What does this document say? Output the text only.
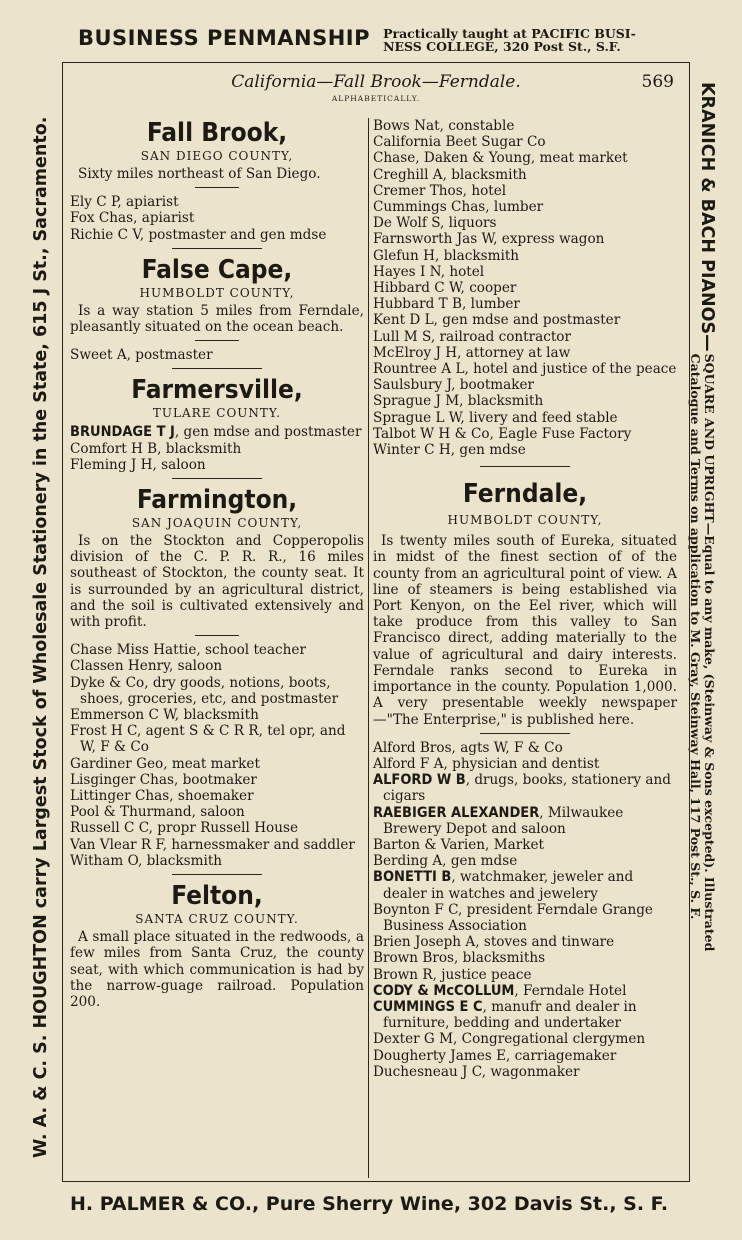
BUSINESS PENMANSHIP Practically taught at PACIFIC BUSI-
NESS COLLEGE, 320 Post St., S.F.
W. A. & C. S. HOUGHTON carry Largest Stock of Wholesale Stationery in the State, 615 J St., Sacramento.	KRANICH & BACH PIANOS—SQUARE AND UPRIGHT—Equal to any make, (Steinway & Sons excepted). Illustrated
Catalogue and Terms on application to M. Gray, Steinway Hall, 117 Post St., S. F.
H. PALMER & CO., Pure Sherry Wine, 302 Davis St., S. F.
California—Fall Brook—Ferndale.
ALPHABETICALLY.
569
Fall Brook,
SAN DIEGO COUNTY,
Sixty miles northeast of San Diego.
Ely C P, apiarist
Fox Chas, apiarist
Richie C V, postmaster and gen mdse
False Cape,
HUMBOLDT COUNTY,
Is a way station 5 miles from Ferndale, pleasantly situated on the ocean beach.
Sweet A, postmaster
Farmersville,
TULARE COUNTY.
BRUNDAGE T J, gen mdse and postmaster
Comfort H B, blacksmith
Fleming J H, saloon
Farmington,
SAN JOAQUIN COUNTY,
Is on the Stockton and Copperopolis division of the C. P. R. R., 16 miles southeast of Stockton, the county seat. It is surrounded by an agricultural district, and the soil is cultivated extensively and with profit.
Chase Miss Hattie, school teacher
Classen Henry, saloon
Dyke & Co, dry goods, notions, boots, shoes, groceries, etc, and postmaster
Emmerson C W, blacksmith
Frost H C, agent S & C R R, tel opr, and W, F & Co
Gardiner Geo, meat market
Lisginger Chas, bootmaker
Littinger Chas, shoemaker
Pool & Thurmand, saloon
Russell C C, propr Russell House
Van Vlear R F, harnessmaker and saddler
Witham O, blacksmith
Felton,
SANTA CRUZ COUNTY.
A small place situated in the redwoods, a few miles from Santa Cruz, the county seat, with which communication is had by the narrow-guage railroad. Population 200.
Bows Nat, constable
California Beet Sugar Co
Chase, Daken & Young, meat market
Creghill A, blacksmith
Cremer Thos, hotel
Cummings Chas, lumber
De Wolf S, liquors
Farnsworth Jas W, express wagon
Glefun H, blacksmith
Hayes I N, hotel
Hibbard C W, cooper
Hubbard T B, lumber
Kent D L, gen mdse and postmaster
Lull M S, railroad contractor
McElroy J H, attorney at law
Rountree A L, hotel and justice of the peace
Saulsbury J, bootmaker
Sprague J M, blacksmith
Sprague L W, livery and feed stable
Talbot W H & Co, Eagle Fuse Factory
Winter C H, gen mdse
Ferndale,
HUMBOLDT COUNTY,
Is twenty miles south of Eureka, situated in midst of the finest section of of the county from an agricultural point of view. A line of steamers is being established via Port Kenyon, on the Eel river, which will take produce from this valley to San Francisco direct, adding materially to the value of agricultural and dairy interests. Ferndale ranks second to Eureka in importance in the county. Population 1,000. A very presentable weekly newspaper—"The Enterprise," is published here.
Alford Bros, agts W, F & Co
Alford F A, physician and dentist
ALFORD W B, drugs, books, stationery and cigars
RAEBIGER ALEXANDER, Milwaukee Brewery Depot and saloon
Barton & Varien, Market
Berding A, gen mdse
BONETTI B, watchmaker, jeweler and dealer in watches and jewelery
Boynton F C, president Ferndale Grange Business Association
Brien Joseph A, stoves and tinware
Brown Bros, blacksmiths
Brown R, justice peace
CODY & McCOLLUM, Ferndale Hotel
CUMMINGS E C, manufr and dealer in furniture, bedding and undertaker
Dexter G M, Congregational clergymen
Dougherty James E, carriagemaker
Duchesneau J C, wagonmaker
